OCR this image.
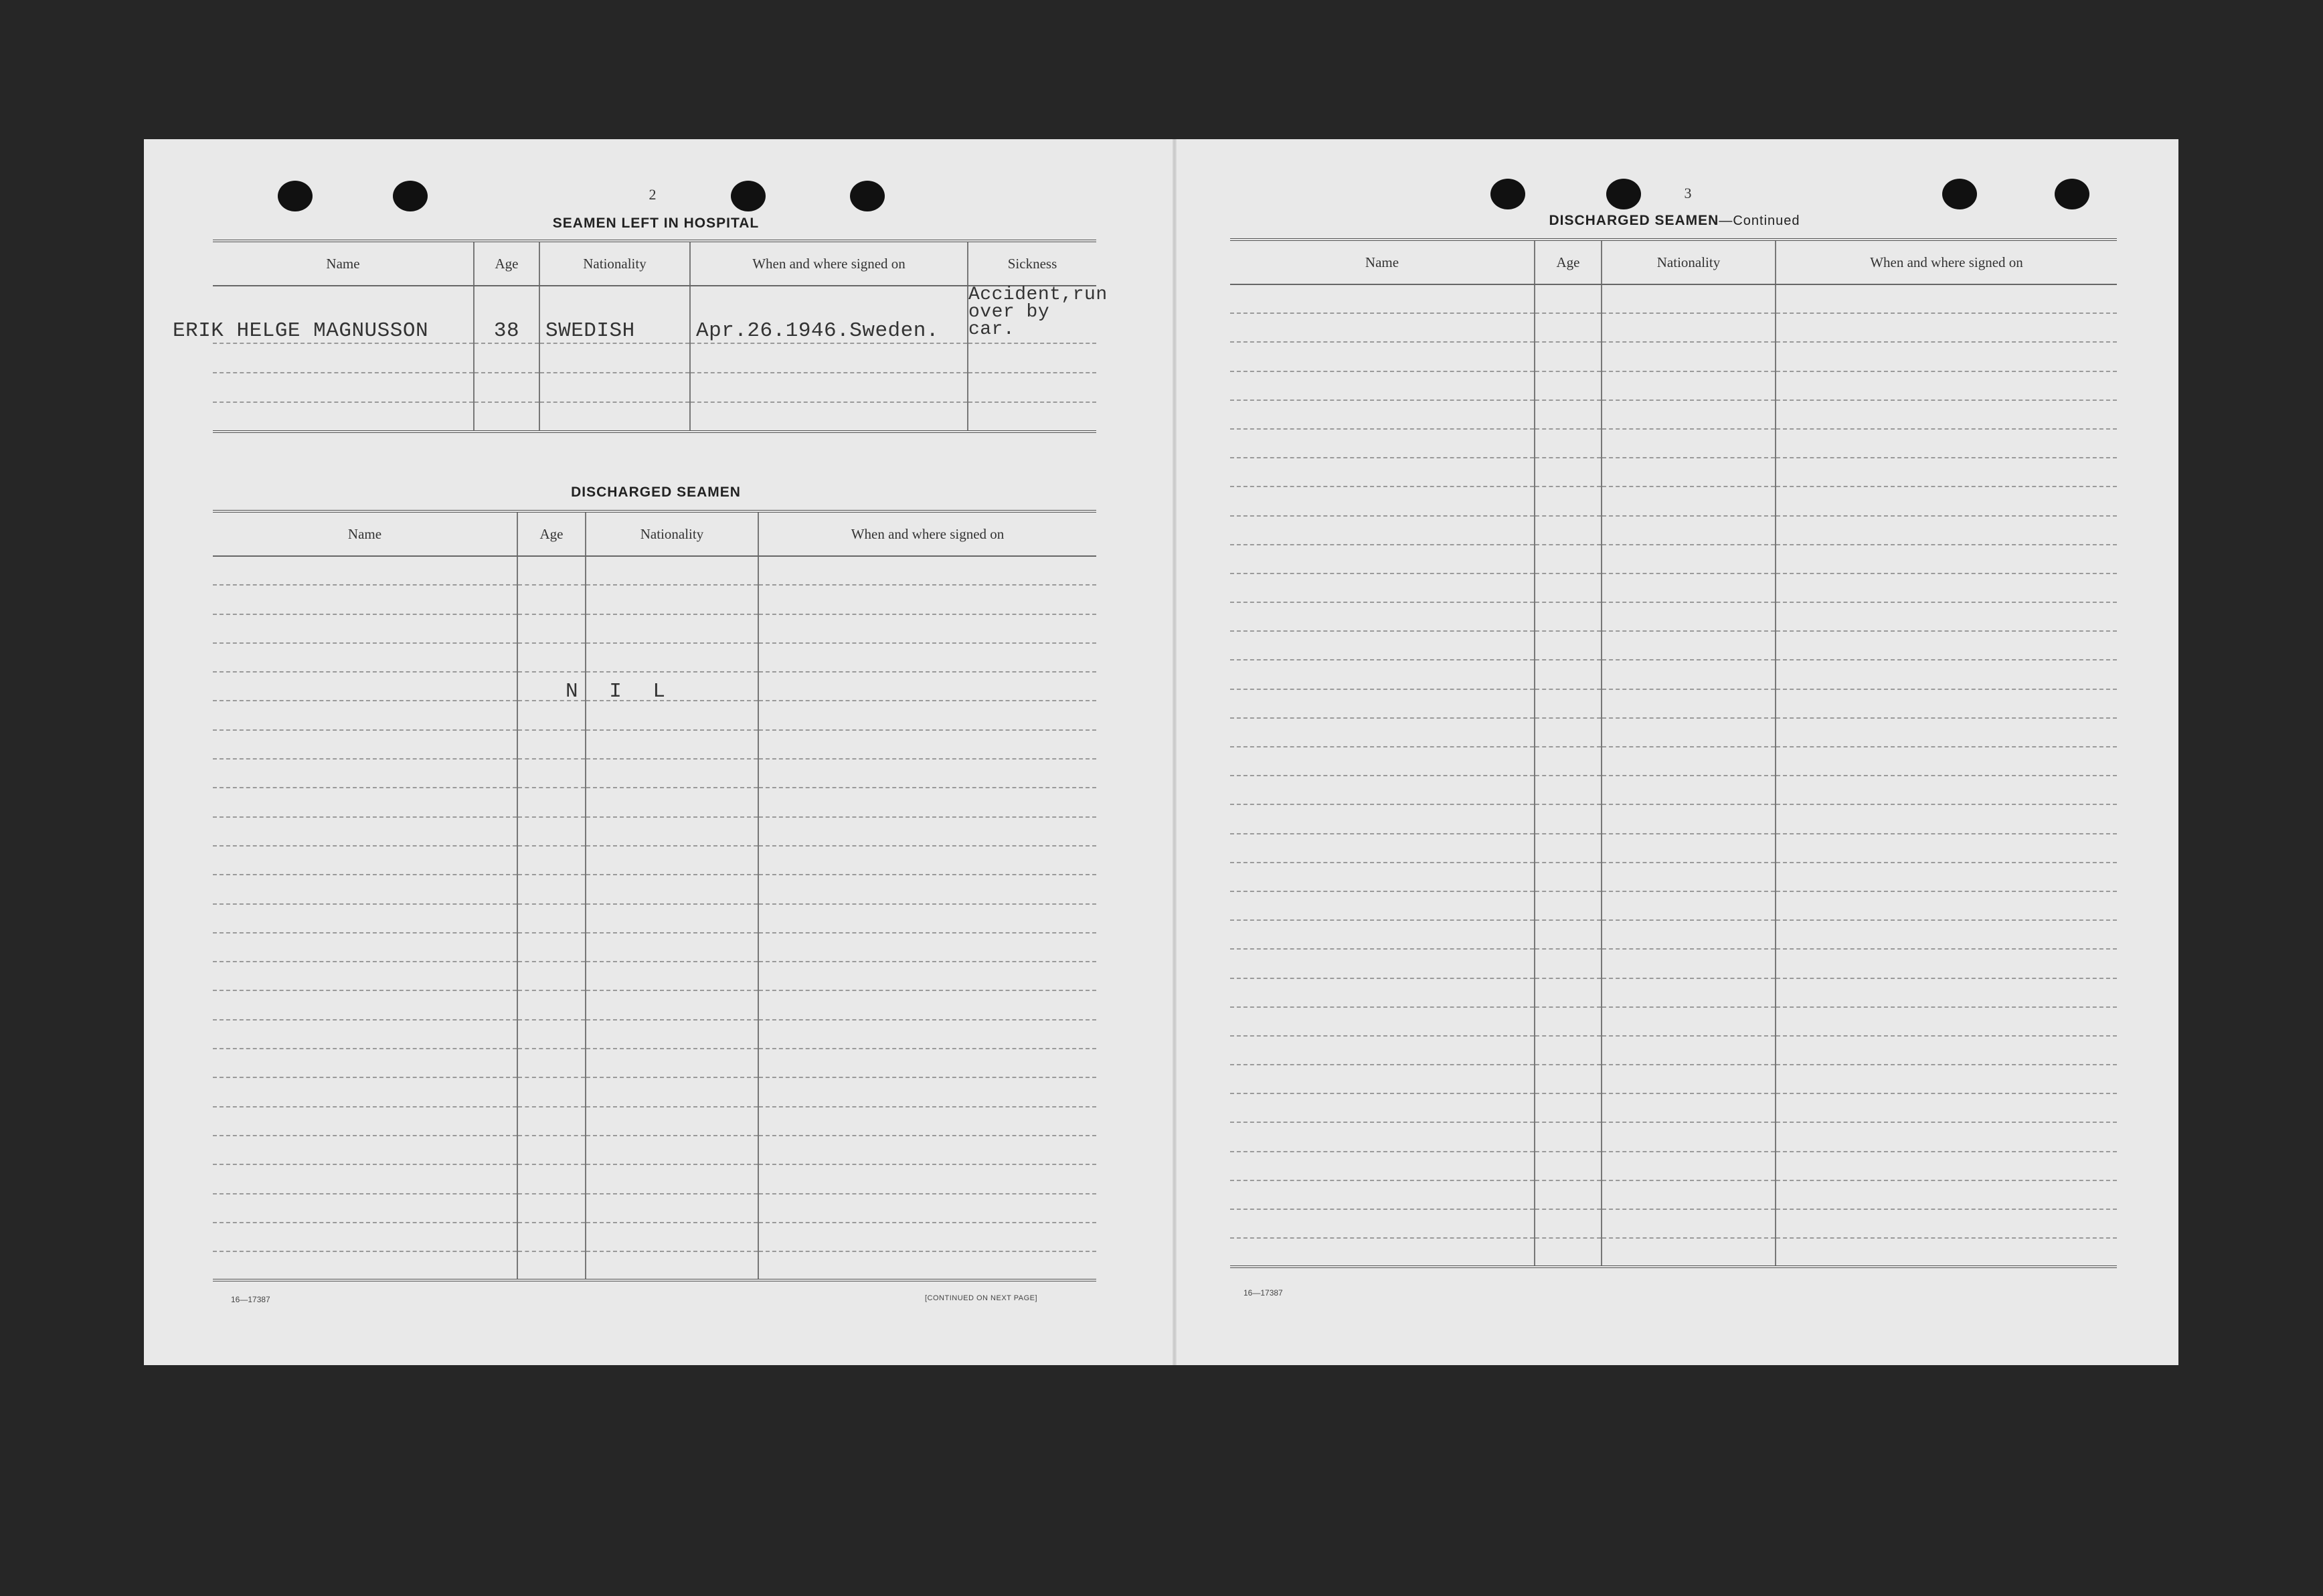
2
SEAMEN LEFT IN HOSPITAL
Name	Age	Nationality	When and where signed on	Sickness
ERIK HELGE MAGNUSSON	38	SWEDISH	Apr.26.1946.Sweden.	Accident,run over by car.

DISCHARGED SEAMEN
Name	Age	Nationality	When and where signed on

N I L
16—17387	[CONTINUED ON NEXT PAGE]
3
DISCHARGED SEAMEN—Continued
Name	Age	Nationality	When and where signed on

16—17387
